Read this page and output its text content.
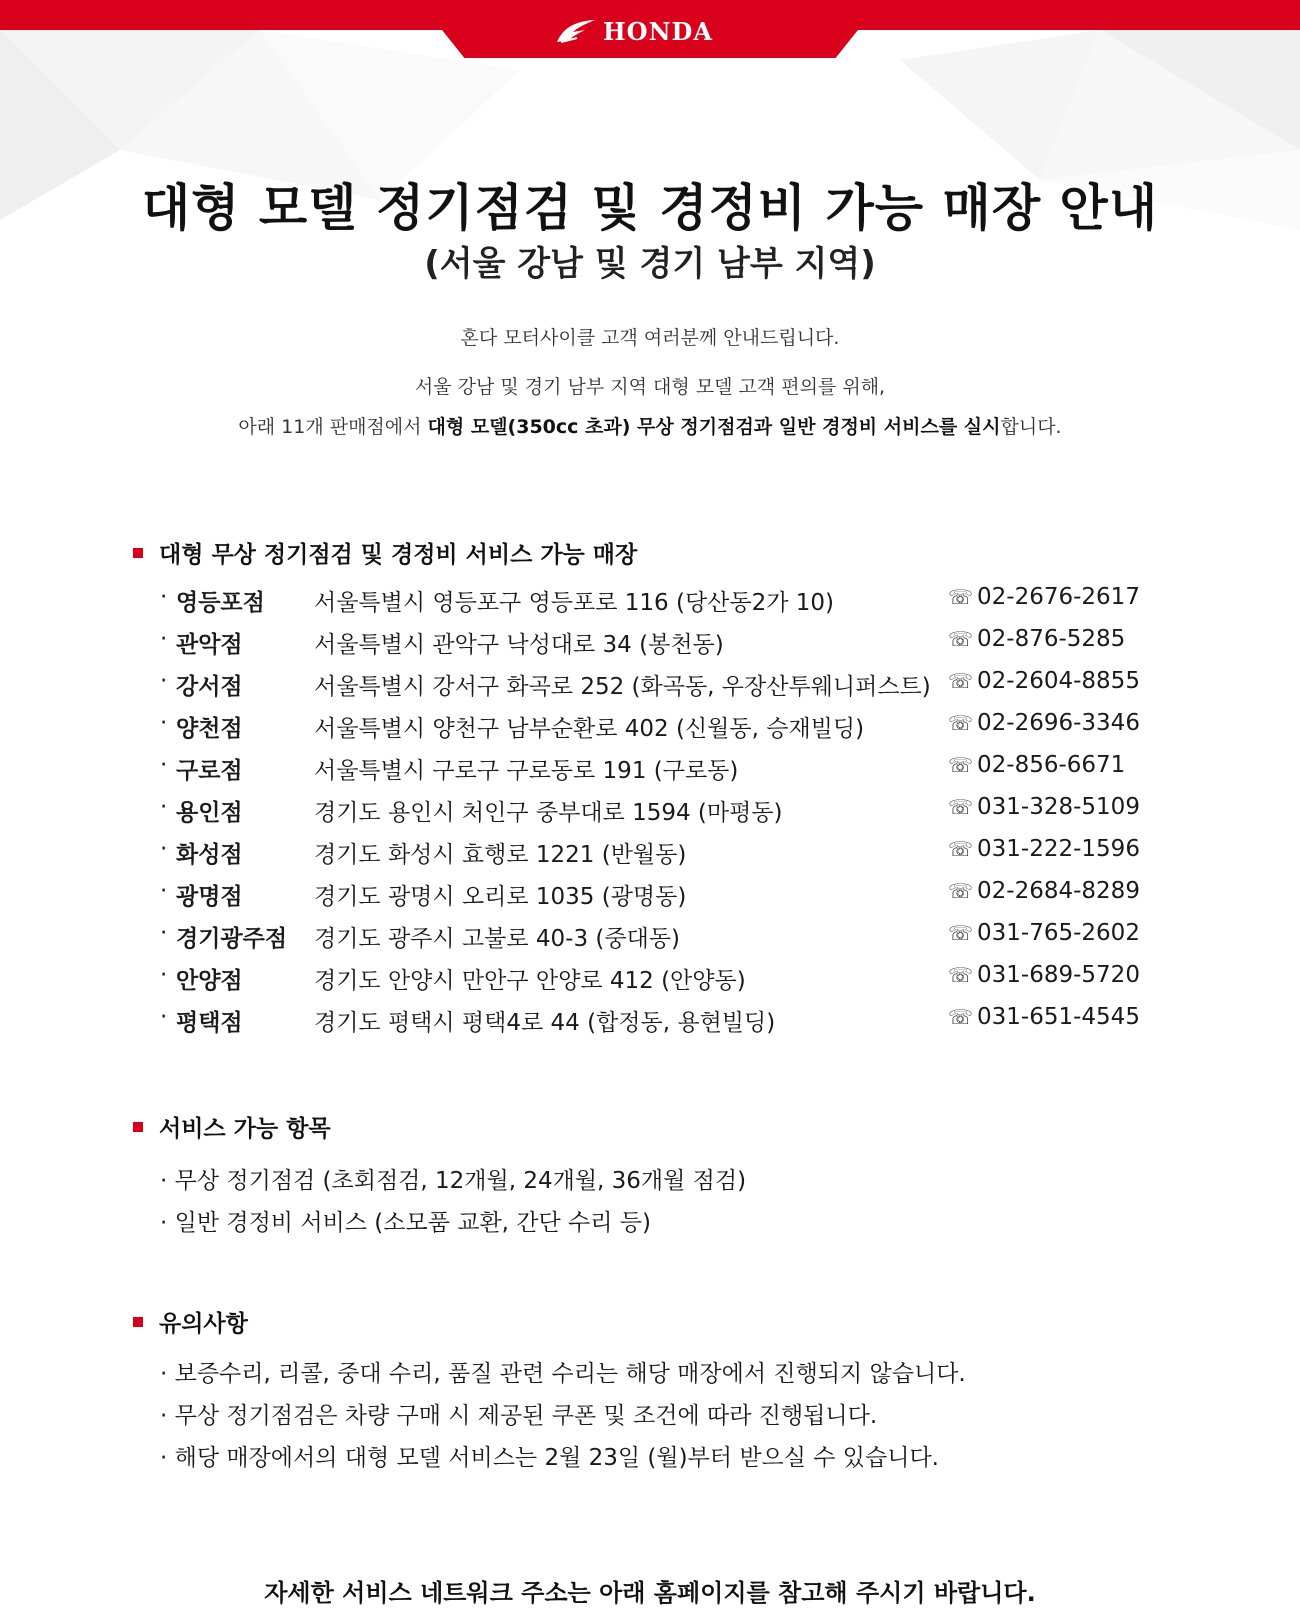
HONDA
대형 모델 정기점검 및 경정비 가능 매장 안내
(서울 강남 및 경기 남부 지역)

혼다 모터사이클 고객 여러분께 안내드립니다.

서울 강남 및 경기 남부 지역 대형 모델 고객 편의를 위해,

아래 11개 판매점에서 대형 모델(350cc 초과) 무상 정기점검과 일반 경정비 서비스를 실시합니다.

대형 무상 정기점검 및 경정비 서비스 가능 매장
· 영등포점 서울특별시 영등포구 영등포로 116 (당산동2가 10)	☏ 02-2676-2617
· 관악점	서울특별시 관악구 낙성대로 34 (봉천동)	☏ 02-876-5285
· 강서점	서울특별시 강서구 화곡로 252 (화곡동, 우장산투웨니퍼스트) ☏ 02-2604-8855
· 양천점	서울특별시 양천구 남부순환로 402 (신월동, 승재빌딩)	☏ 02-2696-3346
· 구로점	서울특별시 구로구 구로동로 191 (구로동)	☏ 02-856-6671
· 용인점	경기도 용인시 처인구 중부대로 1594 (마평동)	☏ 031-328-5109
· 화성점	경기도 화성시 효행로 1221 (반월동)	☏ 031-222-1596
· 광명점	경기도 광명시 오리로 1035 (광명동)	☏ 02-2684-8289
· 경기광주점 경기도 광주시 고불로 40-3 (중대동)	☏ 031-765-2602
· 안양점	경기도 안양시 만안구 안양로 412 (안양동)	☏ 031-689-5720
· 평택점	경기도 평택시 평택4로 44 (합정동, 용현빌딩)	☏ 031-651-4545
서비스 가능 항목
· 무상 정기점검 (초회점검, 12개월, 24개월, 36개월 점검)
· 일반 경정비 서비스 (소모품 교환, 간단 수리 등)
유의사항
· 보증수리, 리콜, 중대 수리, 품질 관련 수리는 해당 매장에서 진행되지 않습니다.
· 무상 정기점검은 차량 구매 시 제공된 쿠폰 및 조건에 따라 진행됩니다.
· 해당 매장에서의 대형 모델 서비스는 2월 23일 (월)부터 받으실 수 있습니다.

자세한 서비스 네트워크 주소는 아래 홈페이지를 참고해 주시기 바랍니다.
